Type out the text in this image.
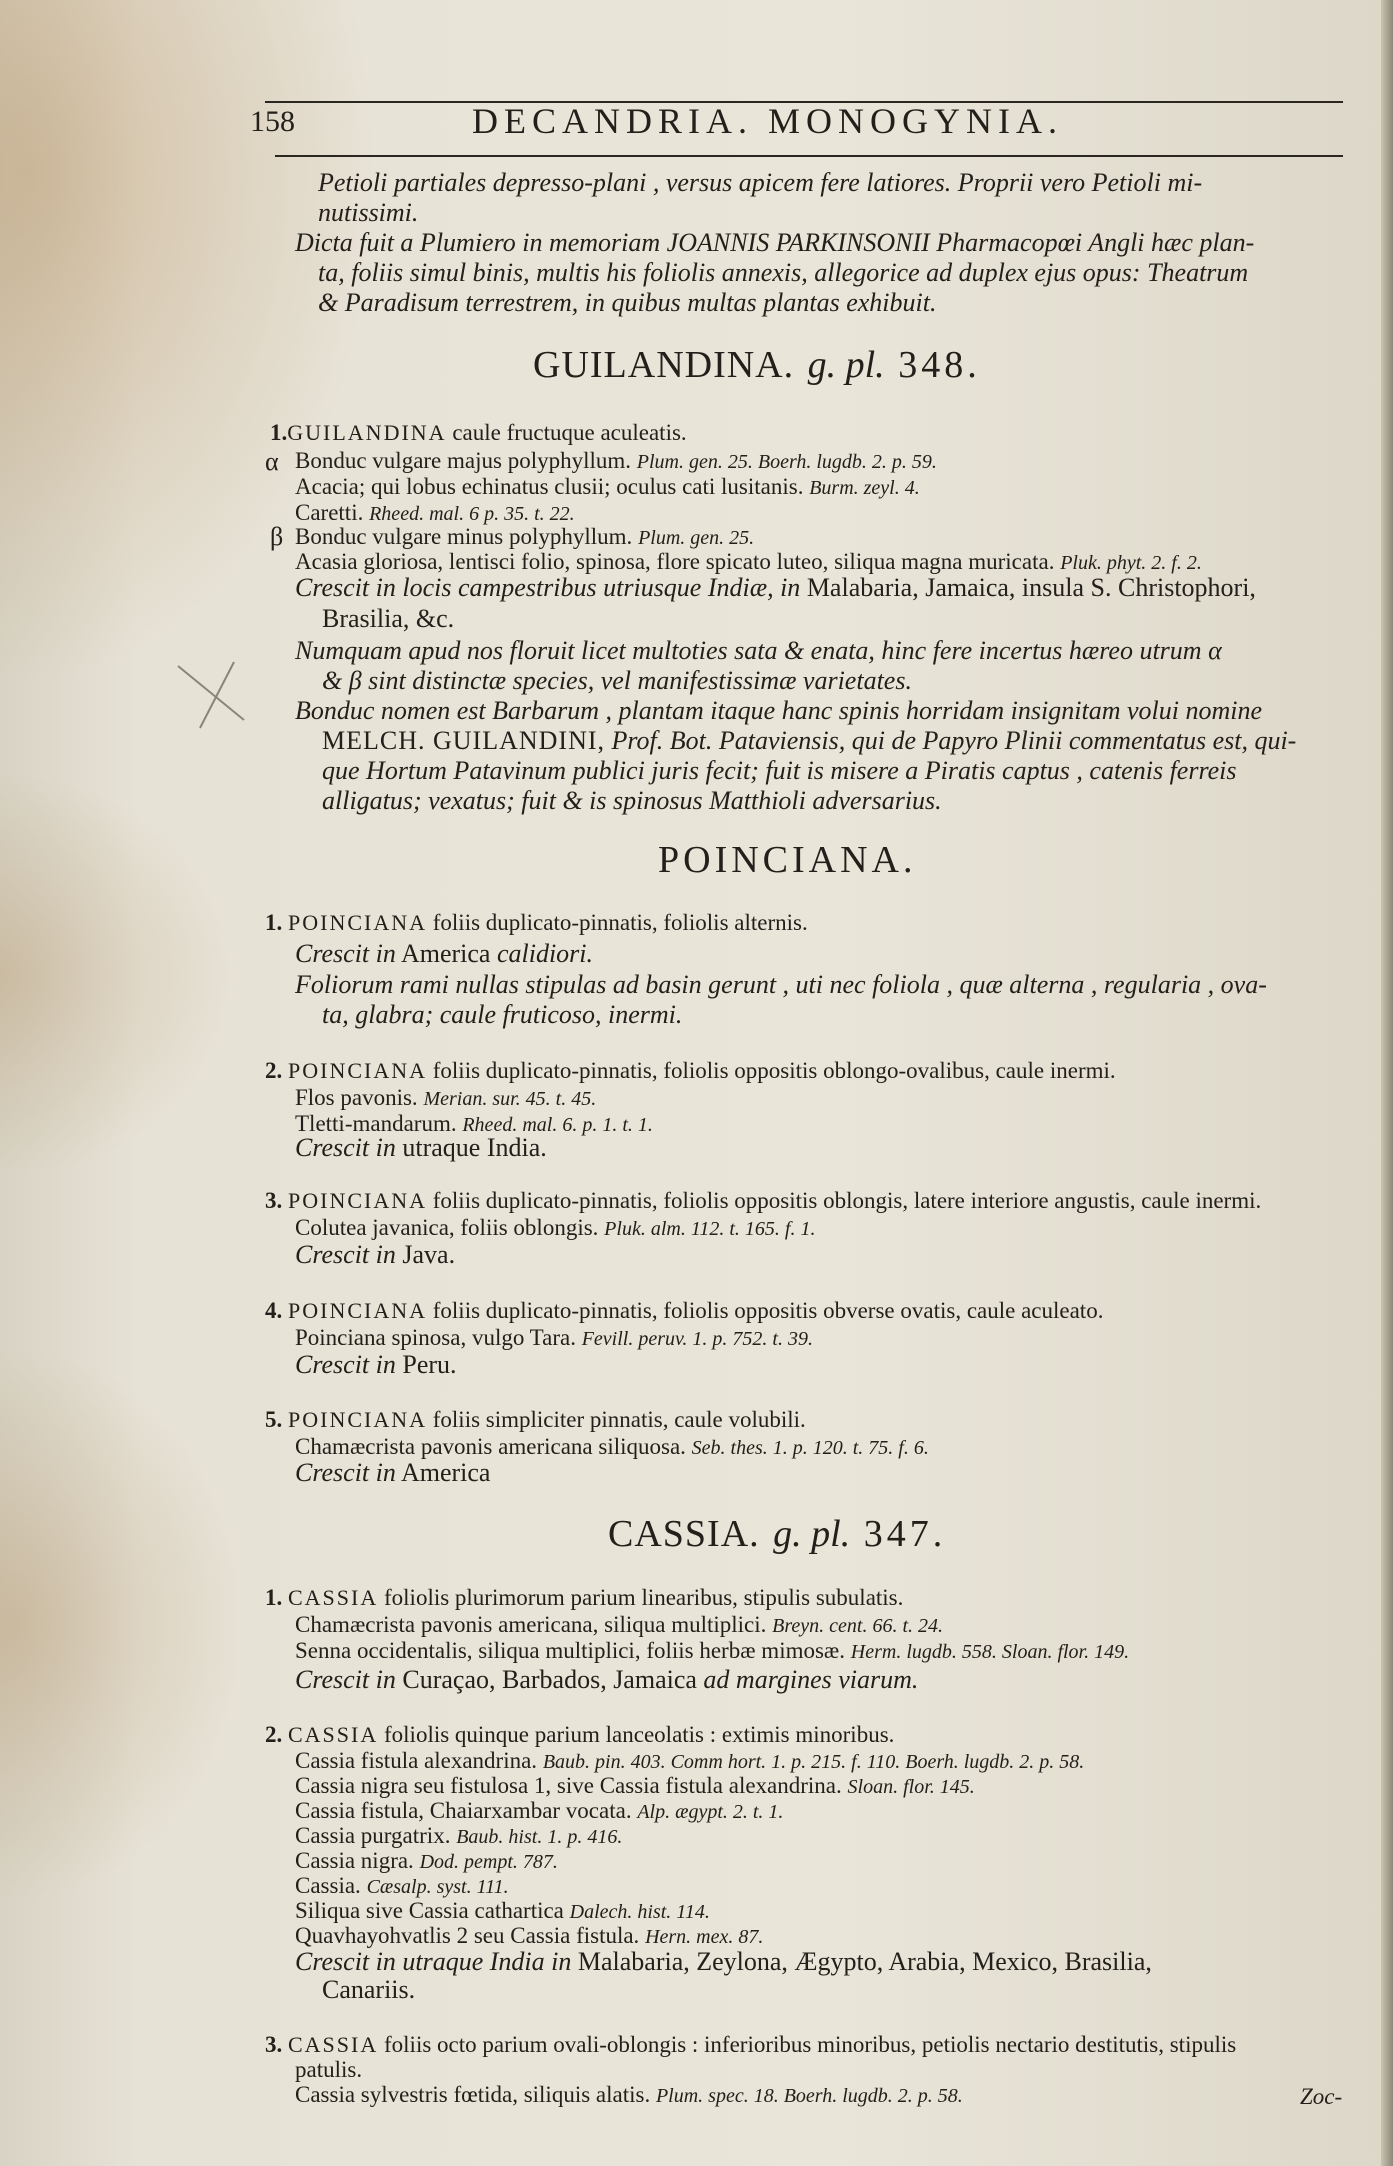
158	DECANDRIA. MONOGYNIA.
Petioli partiales depresso-plani , versus apicem fere latiores. Proprii vero Petioli mi-
nutissimi.
Dicta fuit a Plumiero in memoriam JOANNIS PARKINSONII Pharmacopœi Angli hæc plan-
ta, foliis simul binis, multis his foliolis annexis, allegorice ad duplex ejus opus: Theatrum
& Paradisum terrestrem, in quibus multas plantas exhibuit.
GUILANDINA. g. pl. 348.
1.GUILANDINA caule fructuque aculeatis.
α Bonduc vulgare majus polyphyllum. Plum. gen. 25. Boerh. lugdb. 2. p. 59.
Acacia; qui lobus echinatus clusii; oculus cati lusitanis. Burm. zeyl. 4.
Caretti. Rheed. mal. 6 p. 35. t. 22.
β Bonduc vulgare minus polyphyllum. Plum. gen. 25.
Acasia gloriosa, lentisci folio, spinosa, flore spicato luteo, siliqua magna muricata. Pluk. phyt. 2. f. 2.
Crescit in locis campestribus utriusque Indiæ, in Malabaria, Jamaica, insula S. Christophori,
Brasilia, &c.
Numquam apud nos floruit licet multoties sata & enata, hinc fere incertus hæreo utrum α
& β sint distinctæ species, vel manifestissimæ varietates.
Bonduc nomen est Barbarum , plantam itaque hanc spinis horridam insignitam volui nomine
MELCH. GUILANDINI, Prof. Bot. Pataviensis, qui de Papyro Plinii commentatus est, qui-
que Hortum Patavinum publici juris fecit; fuit is misere a Piratis captus , catenis ferreis
alligatus; vexatus; fuit & is spinosus Matthioli adversarius.
POINCIANA.
1. POINCIANA foliis duplicato-pinnatis, foliolis alternis.
Crescit in America calidiori.
Foliorum rami nullas stipulas ad basin gerunt , uti nec foliola , quæ alterna , regularia , ova-
ta, glabra; caule fruticoso, inermi.
2. POINCIANA foliis duplicato-pinnatis, foliolis oppositis oblongo-ovalibus, caule inermi.
Flos pavonis. Merian. sur. 45. t. 45.
Tletti-mandarum. Rheed. mal. 6. p. 1. t. 1.
Crescit in utraque India.
3. POINCIANA foliis duplicato-pinnatis, foliolis oppositis oblongis, latere interiore angustis, caule inermi.
Colutea javanica, foliis oblongis. Pluk. alm. 112. t. 165. f. 1.
Crescit in Java.
4. POINCIANA foliis duplicato-pinnatis, foliolis oppositis obverse ovatis, caule aculeato.
Poinciana spinosa, vulgo Tara. Fevill. peruv. 1. p. 752. t. 39.
Crescit in Peru.
5. POINCIANA foliis simpliciter pinnatis, caule volubili.
Chamæcrista pavonis americana siliquosa. Seb. thes. 1. p. 120. t. 75. f. 6.
Crescit in America
CASSIA. g. pl. 347.
1. CASSIA foliolis plurimorum parium linearibus, stipulis subulatis.
Chamæcrista pavonis americana, siliqua multiplici. Breyn. cent. 66. t. 24.
Senna occidentalis, siliqua multiplici, foliis herbæ mimosæ. Herm. lugdb. 558. Sloan. flor. 149.
Crescit in Curaçao, Barbados, Jamaica ad margines viarum.
2. CASSIA foliolis quinque parium lanceolatis : extimis minoribus.
Cassia fistula alexandrina. Baub. pin. 403. Comm hort. 1. p. 215. f. 110. Boerh. lugdb. 2. p. 58.
Cassia nigra seu fistulosa 1, sive Cassia fistula alexandrina. Sloan. flor. 145.
Cassia fistula, Chaiarxambar vocata. Alp. ægypt. 2. t. 1.
Cassia purgatrix. Baub. hist. 1. p. 416.
Cassia nigra. Dod. pempt. 787.
Cassia. Cæsalp. syst. 111.
Siliqua sive Cassia cathartica Dalech. hist. 114.
Quavhayohvatlis 2 seu Cassia fistula. Hern. mex. 87.
Crescit in utraque India in Malabaria, Zeylona, Ægypto, Arabia, Mexico, Brasilia,
Canariis.
3. CASSIA foliis octo parium ovali-oblongis : inferioribus minoribus, petiolis nectario destitutis, stipulis
patulis.
Cassia sylvestris fœtida, siliquis alatis. Plum. spec. 18. Boerh. lugdb. 2. p. 58.	Zoc-
